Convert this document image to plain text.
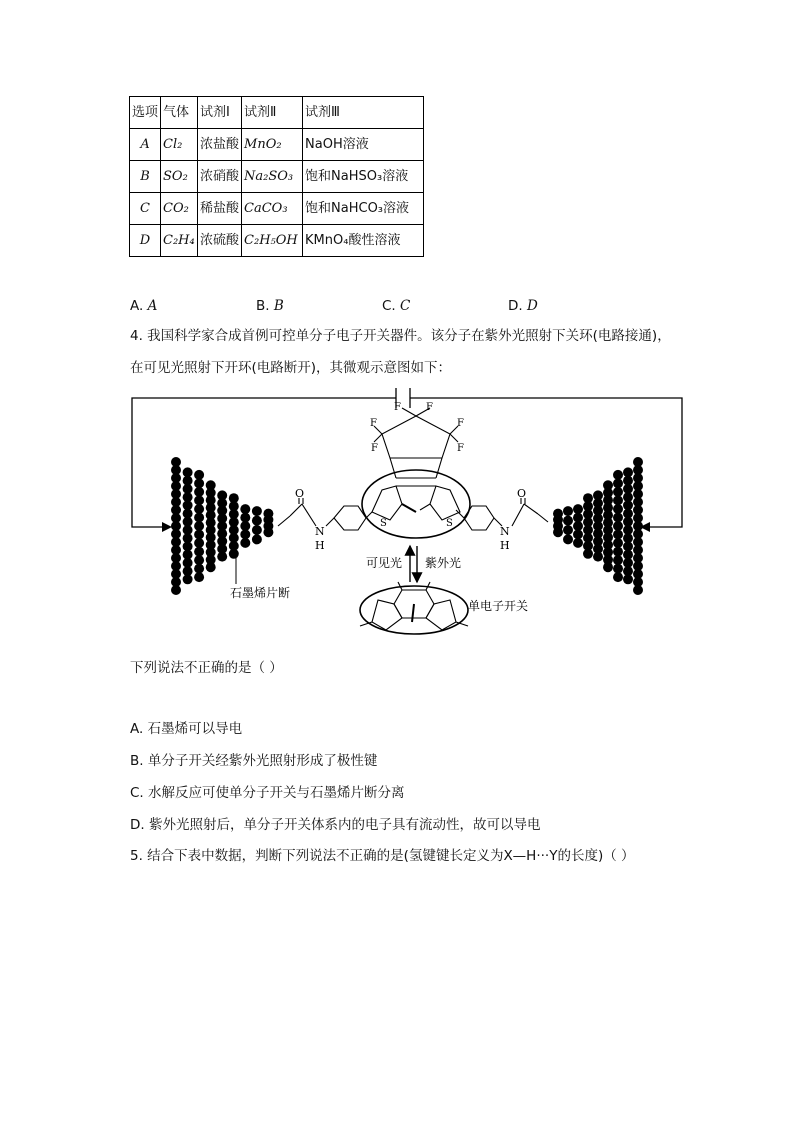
选项	气体	试剂Ⅰ	试剂Ⅱ	试剂Ⅲ
A	Cl₂	浓盐酸	MnO₂	NaOH溶液
B	SO₂	浓硝酸	Na₂SO₃	饱和NaHSO₃溶液
C	CO₂	稀盐酸	CaCO₃	饱和NaHCO₃溶液
D	C₂H₄	浓硫酸	C₂H₅OH	KMnO₄酸性溶液
A. A	B. B	C. C	D. D
4. 我国科学家合成首例可控单分子电子开关器件。该分子在紫外光照射下关环(电路接通)，
在可见光照射下开环(电路断开)，其微观示意图如下：
O
N
H
O
N
H
F	F
F	F
F	F
S	S
可见光 紫外光
单电子开关
石墨烯片断
下列说法不正确的是（ ）
A. 石墨烯可以导电
B. 单分子开关经紫外光照射形成了极性键
C. 水解反应可使单分子开关与石墨烯片断分离
D. 紫外光照射后，单分子开关体系内的电子具有流动性，故可以导电
5. 结合下表中数据，判断下列说法不正确的是(氢键键长定义为X—H···Y的长度)（ ）
